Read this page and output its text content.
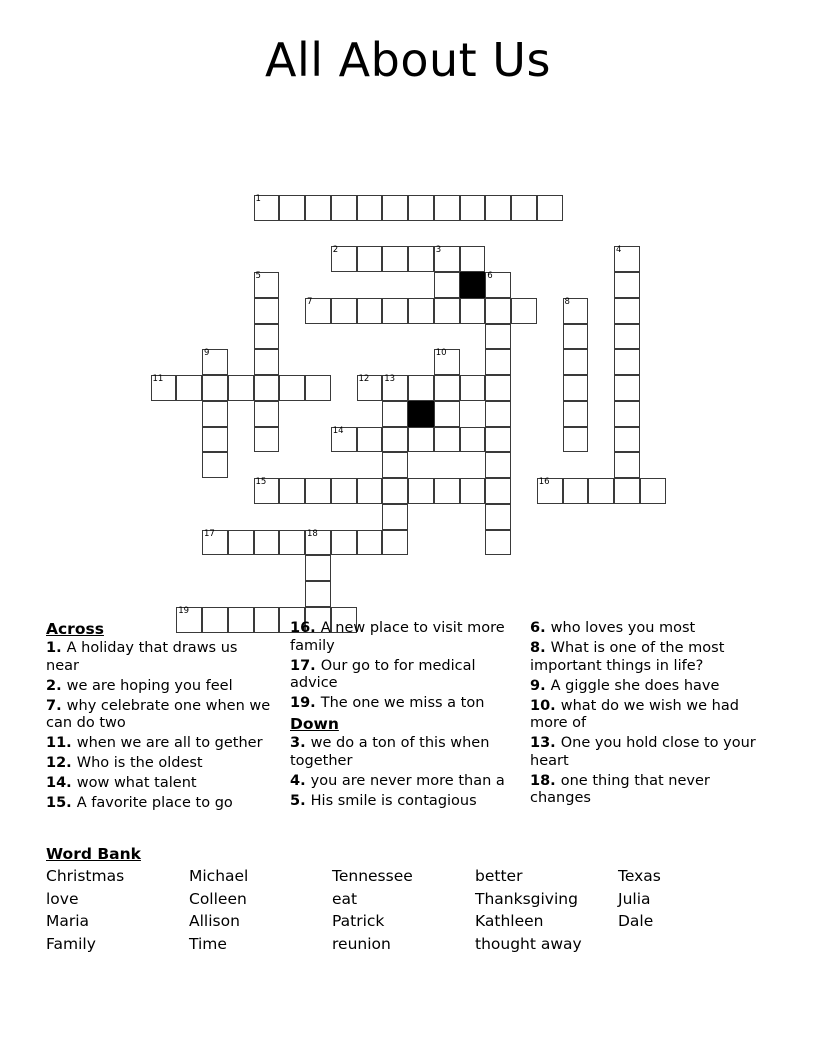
All About Us
1
2	3
7
11	12 13
14
15	16
17	18
19
4
5	6
8
9	10
Across
1. A holiday that draws us near
2. we are hoping you feel
7. why celebrate one when we can do two
11. when we are all to gether
12. Who is the oldest
14. wow what talent
15. A favorite place to go
16. A new place to visit more family
17. Our go to for medical advice
19. The one we miss a ton
Down
3. we do a ton of this when together
4. you are never more than a
5. His smile is contagious
6. who loves you most
8. What is one of the most important things in life?
9. A giggle she does have
10. what do we wish we had more of
13. One you hold close to your heart
18. one thing that never changes
Word Bank
Christmas
love
Maria
Family
Michael
Colleen
Allison
Time
Tennessee
eat
Patrick
reunion
better
Thanksgiving
Kathleen
thought away
Texas
Julia
Dale
